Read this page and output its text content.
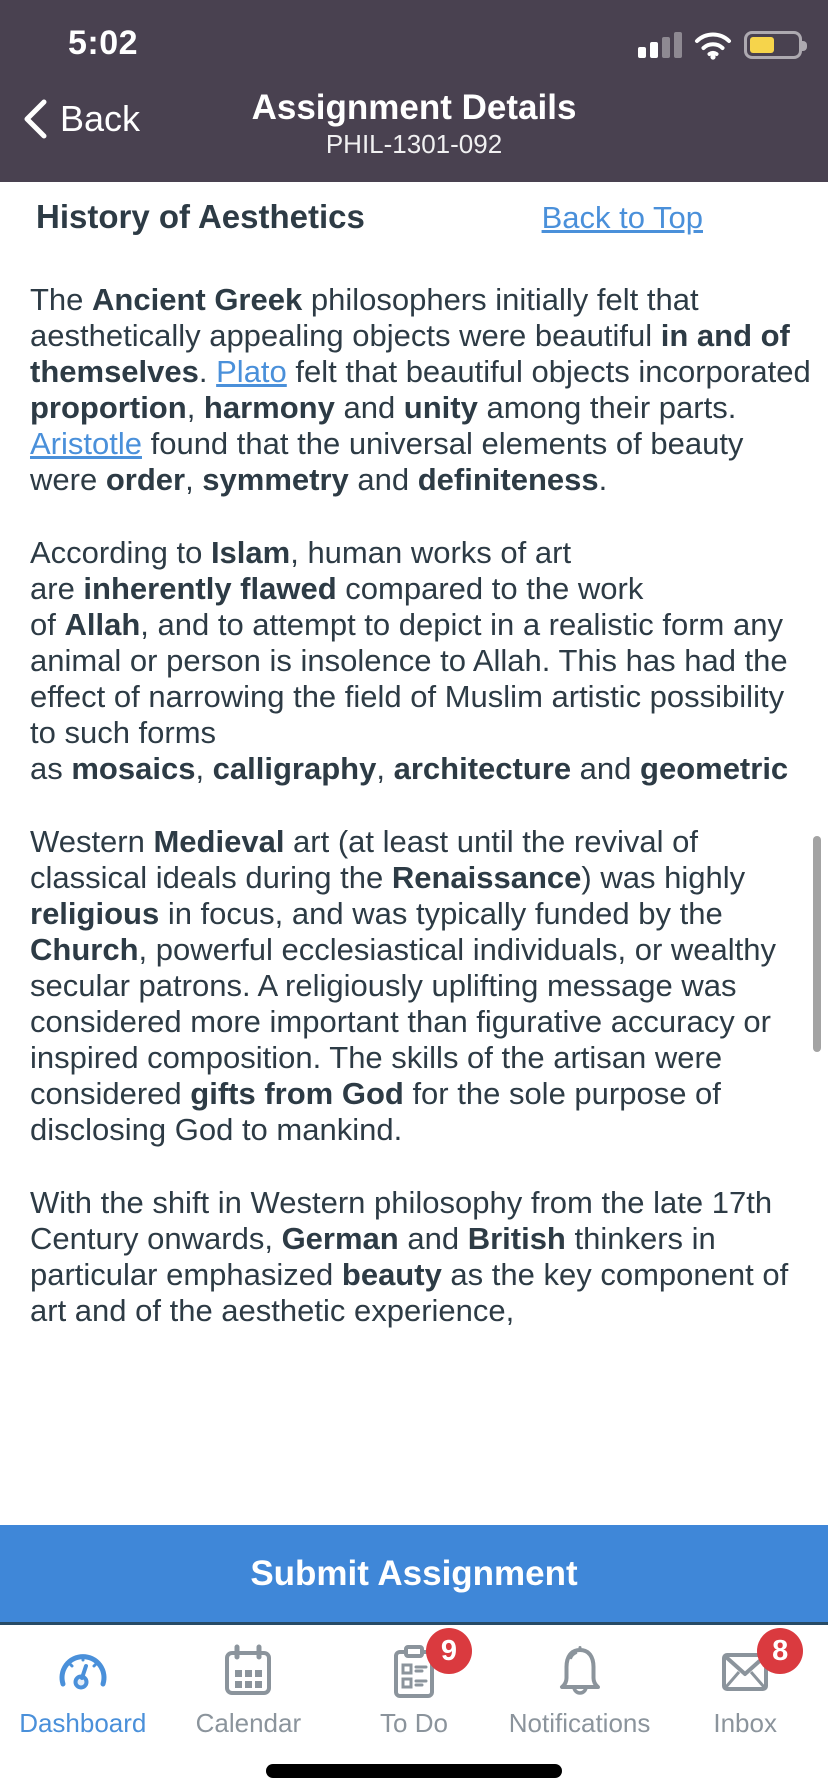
5:02
Back	Assignment Details
PHIL-1301-092
History of Aesthetics	Back to Top

The Ancient Greek philosophers initially felt that aesthetically appealing objects were beautiful in and of themselves. Plato felt that beautiful objects incorporated proportion, harmony and unity among their parts. Aristotle found that the universal elements of beauty
were order, symmetry and definiteness.

According to Islam, human works of art
are inherently flawed compared to the work
of Allah, and to attempt to depict in a realistic form any animal or person is insolence to Allah. This has had the effect of narrowing the field of Muslim artistic possibility to such forms
as mosaics, calligraphy, architecture and geometric

Western Medieval art (at least until the revival of classical ideals during the Renaissance) was highly religious in focus, and was typically funded by the Church, powerful ecclesiastical individuals, or wealthy secular patrons. A religiously uplifting message was considered more important than figurative accuracy or inspired composition. The skills of the artisan were considered gifts from God for the sole purpose of disclosing God to mankind.

With the shift in Western philosophy from the late 17th Century onwards, German and British thinkers in particular emphasized beauty as the key component of art and of the aesthetic experience,

Submit Assignment
Dashboard Calendar
9
To Do Notifications
8
Inbox
